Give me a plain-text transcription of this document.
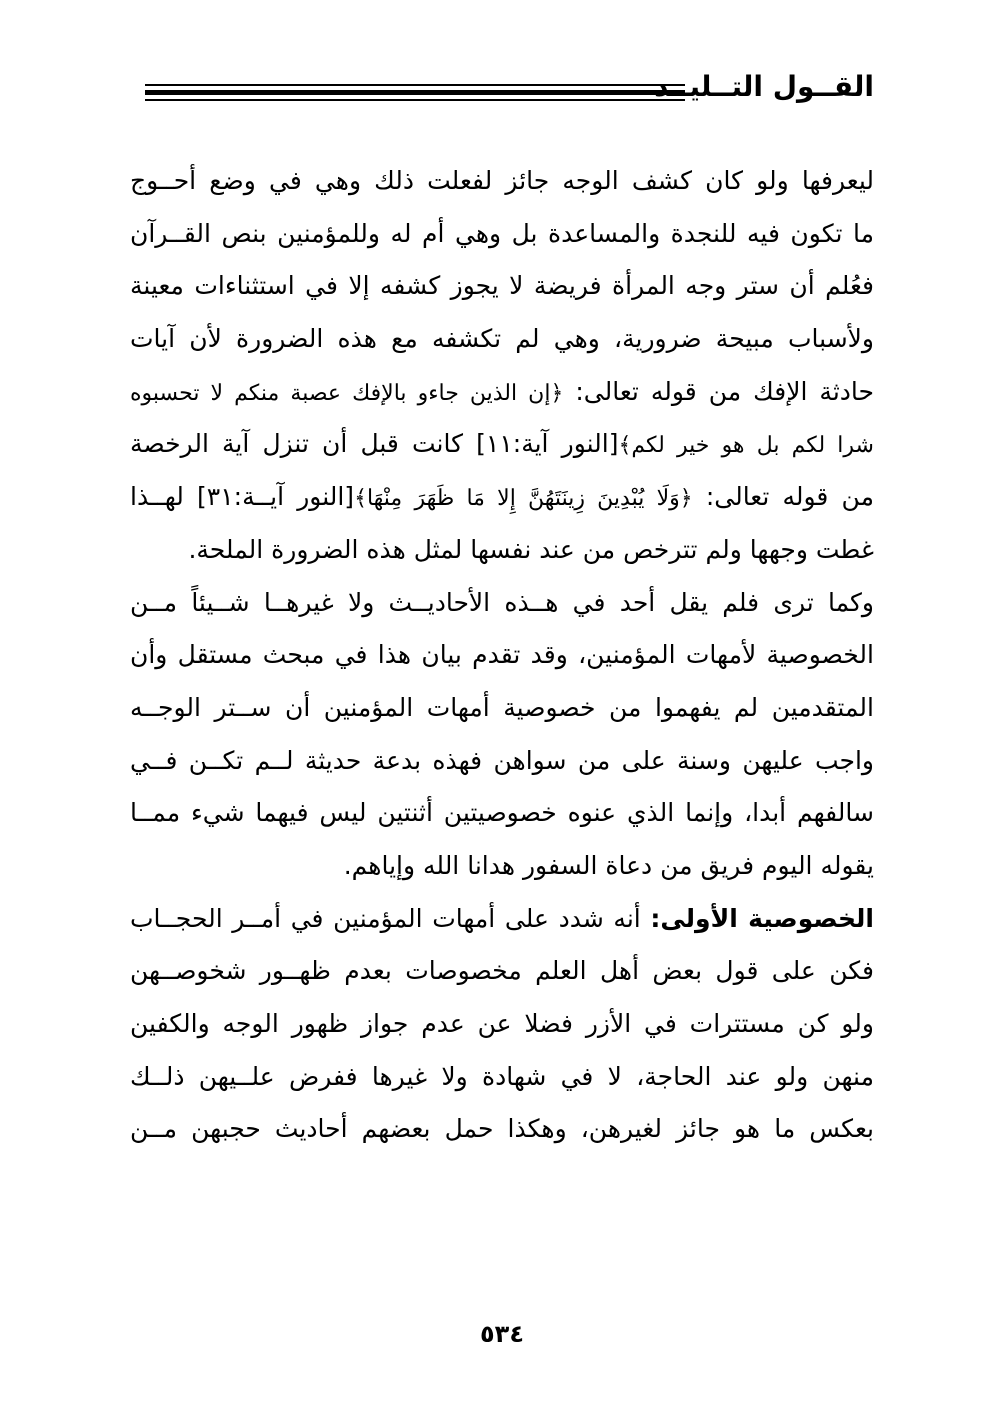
القــول التــليــد
ليعرفها ولو كان كشف الوجه جائز لفعلت ذلك وهي في وضع أحــوج
ما تكون فيه للنجدة والمساعدة بل وهي أم له وللمؤمنين بنص القــرآن
فعُلم أن ستر وجه المرأة فريضة لا يجوز كشفه إلا في استثناءات معينة
ولأسباب مبيحة ضرورية، وهي لم تكشفه مع هذه الضرورة لأن آيات
حادثة الإفك من قوله تعالى: ﴿إن الذين جاءو بالإفك عصبة منكم لا تحسبوه
شرا لكم بل هو خير لكم﴾[النور آية:١١] كانت قبل أن تنزل آية الرخصة
من قوله تعالى: ﴿وَلَا يُبْدِينَ زِينَتَهُنَّ إِلا مَا ظَهَرَ مِنْهَا﴾[النور آيــة:٣١] لهــذا
غطت وجهها ولم تترخص من عند نفسها لمثل هذه الضرورة الملحة.
وكما ترى فلم يقل أحد في هــذه الأحاديــث ولا غيرهــا شــيئاً مــن
الخصوصية لأمهات المؤمنين، وقد تقدم بيان هذا في مبحث مستقل وأن
المتقدمين لم يفهموا من خصوصية أمهات المؤمنين أن ســتر الوجــه
واجب عليهن وسنة على من سواهن فهذه بدعة حديثة لــم تكــن فــي
سالفهم أبدا، وإنما الذي عنوه خصوصيتين أثنتين ليس فيهما شيء ممــا
يقوله اليوم فريق من دعاة السفور هدانا الله وإياهم.
الخصوصية الأولى: أنه شدد على أمهات المؤمنين في أمــر الحجــاب
فكن على قول بعض أهل العلم مخصوصات بعدم ظهــور شخوصــهن
ولو كن مستترات في الأزر فضلا عن عدم جواز ظهور الوجه والكفين
منهن ولو عند الحاجة، لا في شهادة ولا غيرها ففرض علــيهن ذلــك
بعكس ما هو جائز لغيرهن، وهكذا حمل بعضهم أحاديث حجبهن مــن
٥٣٤
